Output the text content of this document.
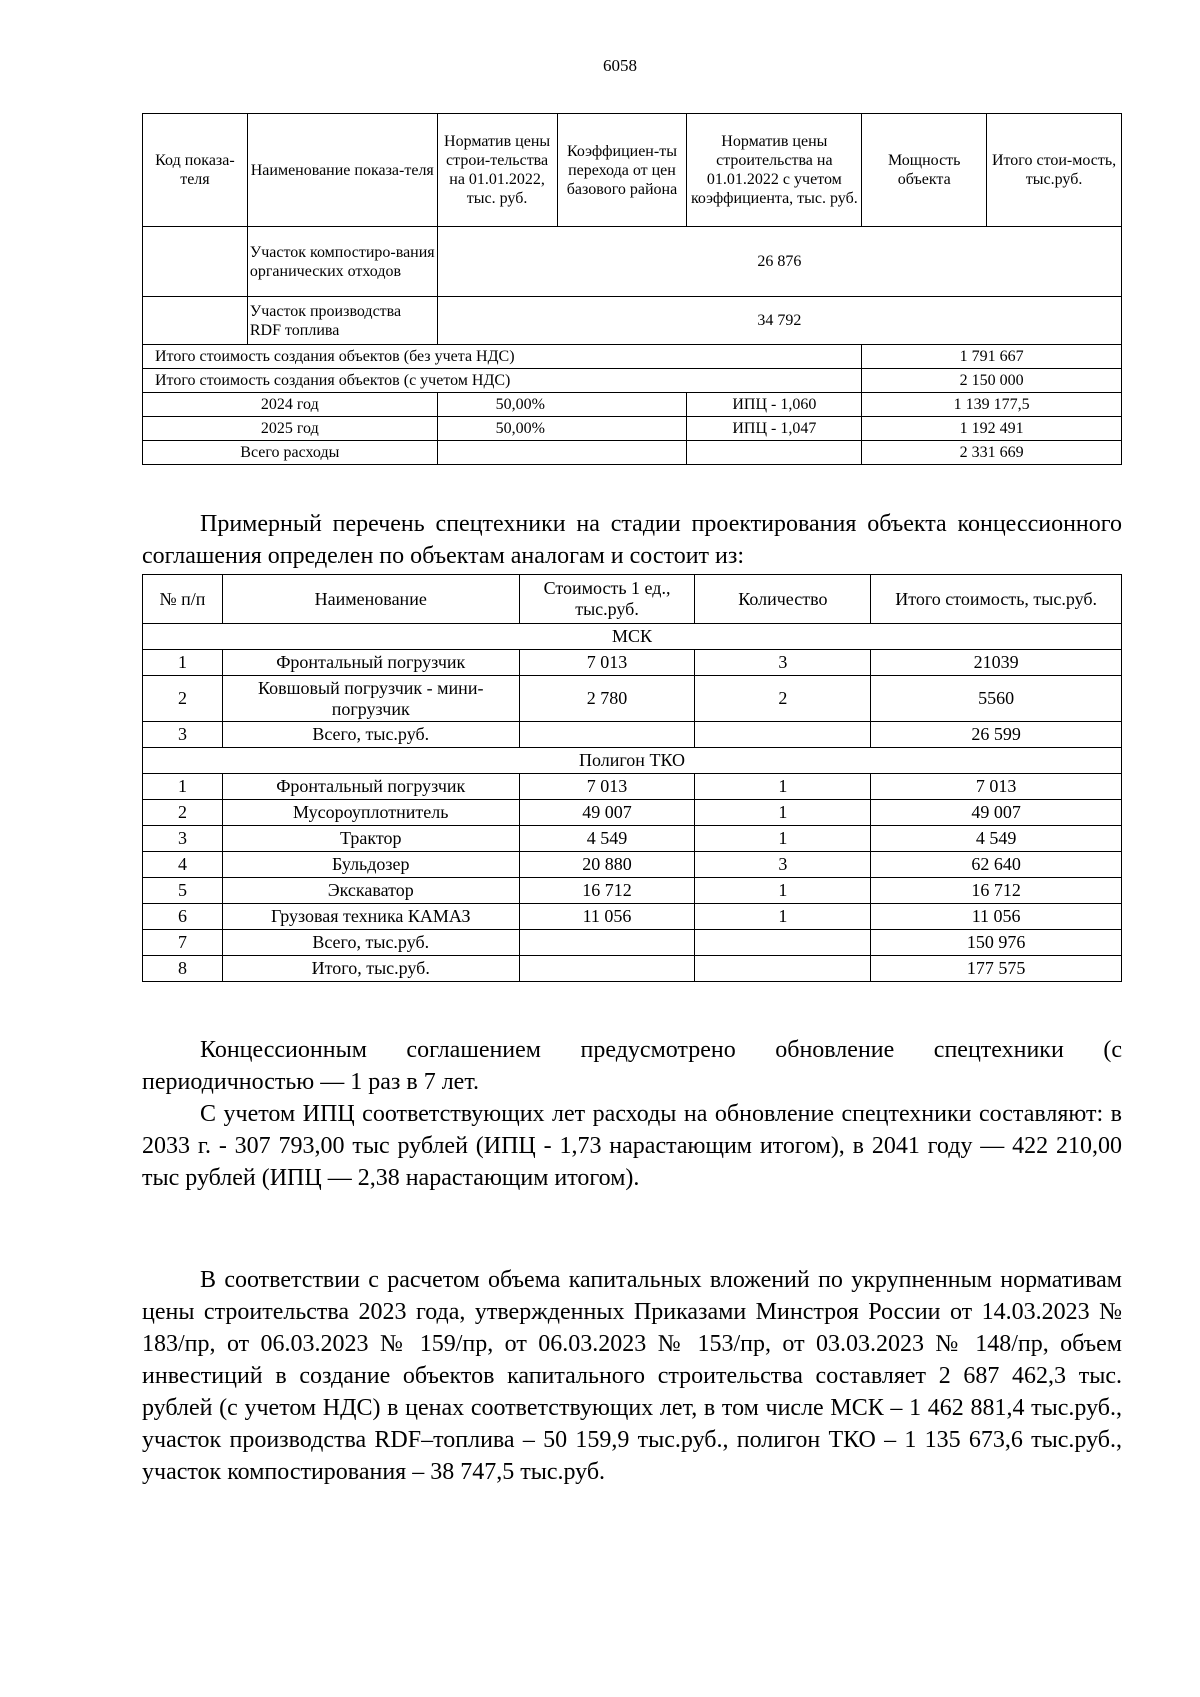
6058
Код показа-теля	Наименование показа-теля	Норматив цены строи-тельства на 01.01.2022, тыс. руб.	Коэффициен-ты перехода от цен базового района	Норматив цены строительства на 01.01.2022 с учетом коэффициента, тыс. руб.	Мощность объекта	Итого стои-мость, тыс.руб.
	Участок компостиро-вания органических отходов	26 876				
	Участок производства RDF топлива	34 792				
Итого стоимость создания объектов (без учета НДС)					1 791 667	
Итого стоимость создания объектов (с учетом НДС)					2 150 000	
2024 год		50,00%		ИПЦ - 1,060	1 139 177,5	
2025 год		50,00%		ИПЦ - 1,047	1 192 491	
Всего расходы					2 331 669	

Примерный перечень спецтехники на стадии проектирования объекта концессионного соглашения определен по объектам аналогам и состоит из:

№ п/п	Наименование	Стоимость 1 ед., тыс.руб.	Количество	Итого стоимость, тыс.руб.
МСК				
1	Фронтальный погрузчик	7 013	3	21039
2	Ковшовый погрузчик - мини-погрузчик	2 780	2	5560
3	Всего, тыс.руб.			26 599
Полигон ТКО				
1	Фронтальный погрузчик	7 013	1	7 013
2	Мусороуплотнитель	49 007	1	49 007
3	Трактор	4 549	1	4 549
4	Бульдозер	20 880	3	62 640
5	Экскаватор	16 712	1	16 712
6	Грузовая техника КАМАЗ	11 056	1	11 056
7	Всего, тыс.руб.			150 976
8	Итого, тыс.руб.			177 575

Концессионным соглашением предусмотрено обновление спецтехники (с периодичностью — 1 раз в 7 лет.

С учетом ИПЦ соответствующих лет расходы на обновление спецтехники составляют: в 2033 г. - 307 793,00 тыс рублей (ИПЦ - 1,73 нарастающим итогом), в 2041 году — 422 210,00 тыс рублей (ИПЦ — 2,38 нарастающим итогом).

В соответствии с расчетом объема капитальных вложений по укрупненным нормативам цены строительства 2023 года, утвержденных Приказами Минстроя России от 14.03.2023 № 183/пр, от 06.03.2023 № 159/пр, от 06.03.2023 № 153/пр, от 03.03.2023 № 148/пр, объем инвестиций в создание объектов капитального строительства составляет 2 687 462,3 тыс. рублей (с учетом НДС) в ценах соответствующих лет, в том числе МСК – 1 462 881,4 тыс.руб., участок производства RDF–топлива – 50 159,9 тыс.руб., полигон ТКО – 1 135 673,6 тыс.руб., участок компостирования – 38 747,5 тыс.руб.
